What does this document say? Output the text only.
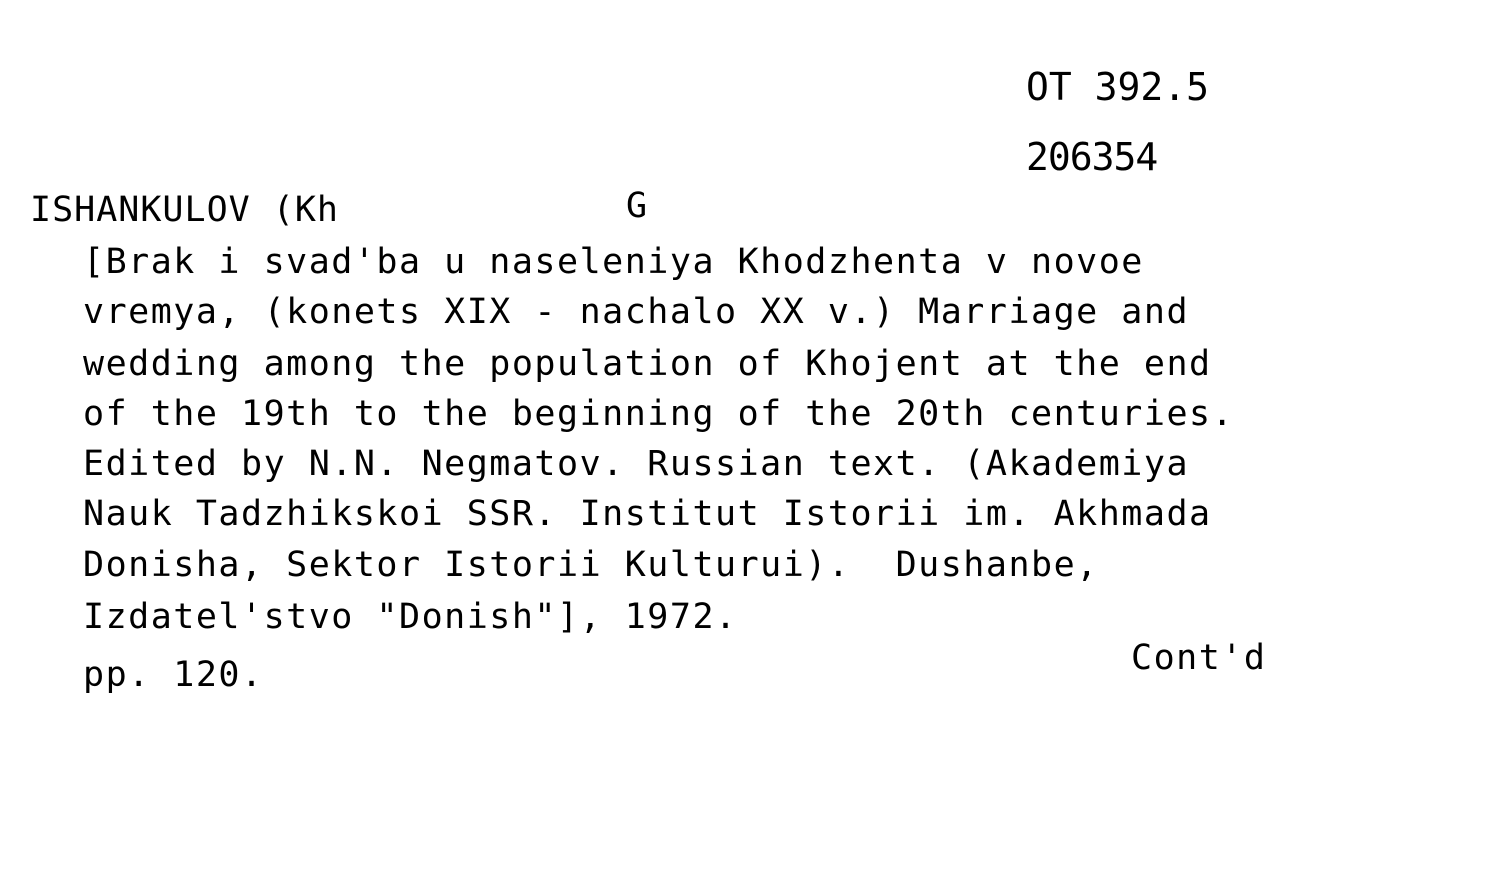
OT 392.5
206354
ISHANKULOV (Kh	G
[Brak i svad'ba u naseleniya Khodzhenta v novoe
vremya, (konets XIX - nachalo XX v.) Marriage and
wedding among the population of Khojent at the end
of the 19th to the beginning of the 20th centuries.
Edited by N.N. Negmatov. Russian text. (Akademiya
Nauk Tadzhikskoi SSR. Institut Istorii im. Akhmada
Donisha, Sektor Istorii Kulturui).  Dushanbe,
Izdatel'stvo "Donish"], 1972.
pp. 120.	Cont'd
